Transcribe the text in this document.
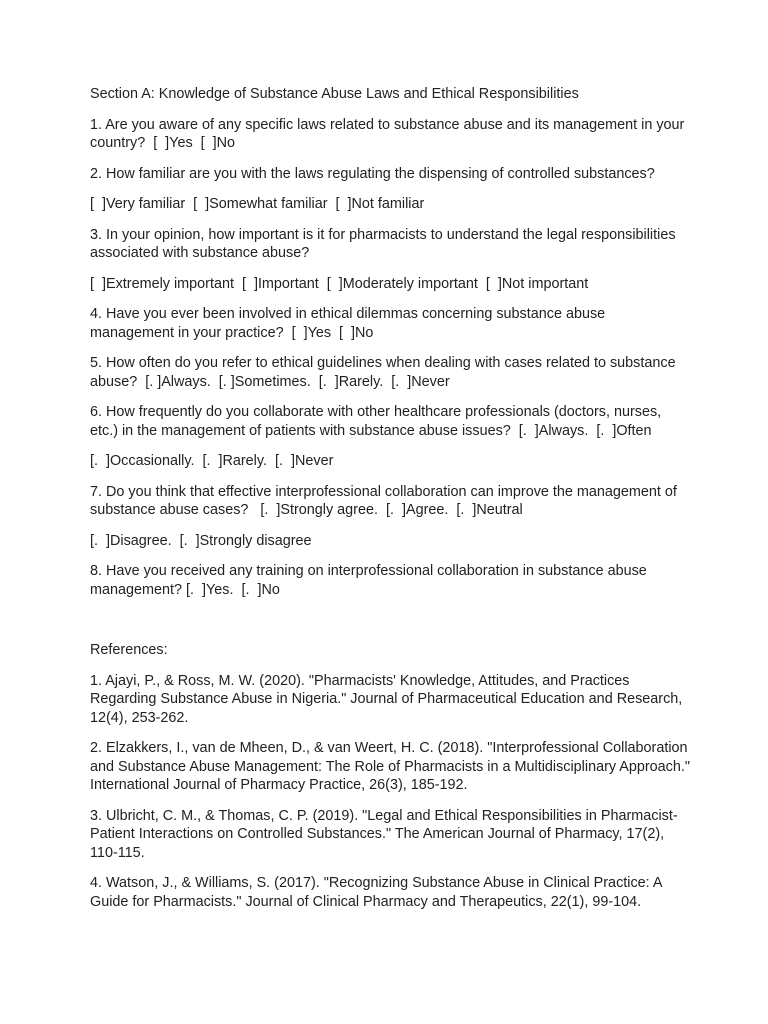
Section A: Knowledge of Substance Abuse Laws and Ethical Responsibilities

1. Are you aware of any specific laws related to substance abuse and its management in your country?  [  ]Yes  [  ]No

2. How familiar are you with the laws regulating the dispensing of controlled substances?

[  ]Very familiar  [  ]Somewhat familiar  [  ]Not familiar

3. In your opinion, how important is it for pharmacists to understand the legal responsibilities associated with substance abuse?

[  ]Extremely important  [  ]Important  [  ]Moderately important  [  ]Not important

4. Have you ever been involved in ethical dilemmas concerning substance abuse management in your practice?  [  ]Yes  [  ]No

5. How often do you refer to ethical guidelines when dealing with cases related to substance abuse?  [. ]Always.  [. ]Sometimes.  [.  ]Rarely.  [.  ]Never

6. How frequently do you collaborate with other healthcare professionals (doctors, nurses, etc.) in the management of patients with substance abuse issues?  [.  ]Always.  [.  ]Often

[.  ]Occasionally.  [.  ]Rarely.  [.  ]Never

7. Do you think that effective interprofessional collaboration can improve the management of substance abuse cases?   [.  ]Strongly agree.  [.  ]Agree.  [.  ]Neutral

[.  ]Disagree.  [.  ]Strongly disagree

8. Have you received any training on interprofessional collaboration in substance abuse management? [.  ]Yes.  [.  ]No

References:

1. Ajayi, P., & Ross, M. W. (2020). "Pharmacists' Knowledge, Attitudes, and Practices Regarding Substance Abuse in Nigeria." Journal of Pharmaceutical Education and Research, 12(4), 253-262.

2. Elzakkers, I., van de Mheen, D., & van Weert, H. C. (2018). "Interprofessional Collaboration and Substance Abuse Management: The Role of Pharmacists in a Multidisciplinary Approach." International Journal of Pharmacy Practice, 26(3), 185-192.

3. Ulbricht, C. M., & Thomas, C. P. (2019). "Legal and Ethical Responsibilities in Pharmacist-Patient Interactions on Controlled Substances." The American Journal of Pharmacy, 17(2), 110-115.

4. Watson, J., & Williams, S. (2017). "Recognizing Substance Abuse in Clinical Practice: A Guide for Pharmacists." Journal of Clinical Pharmacy and Therapeutics, 22(1), 99-104.
